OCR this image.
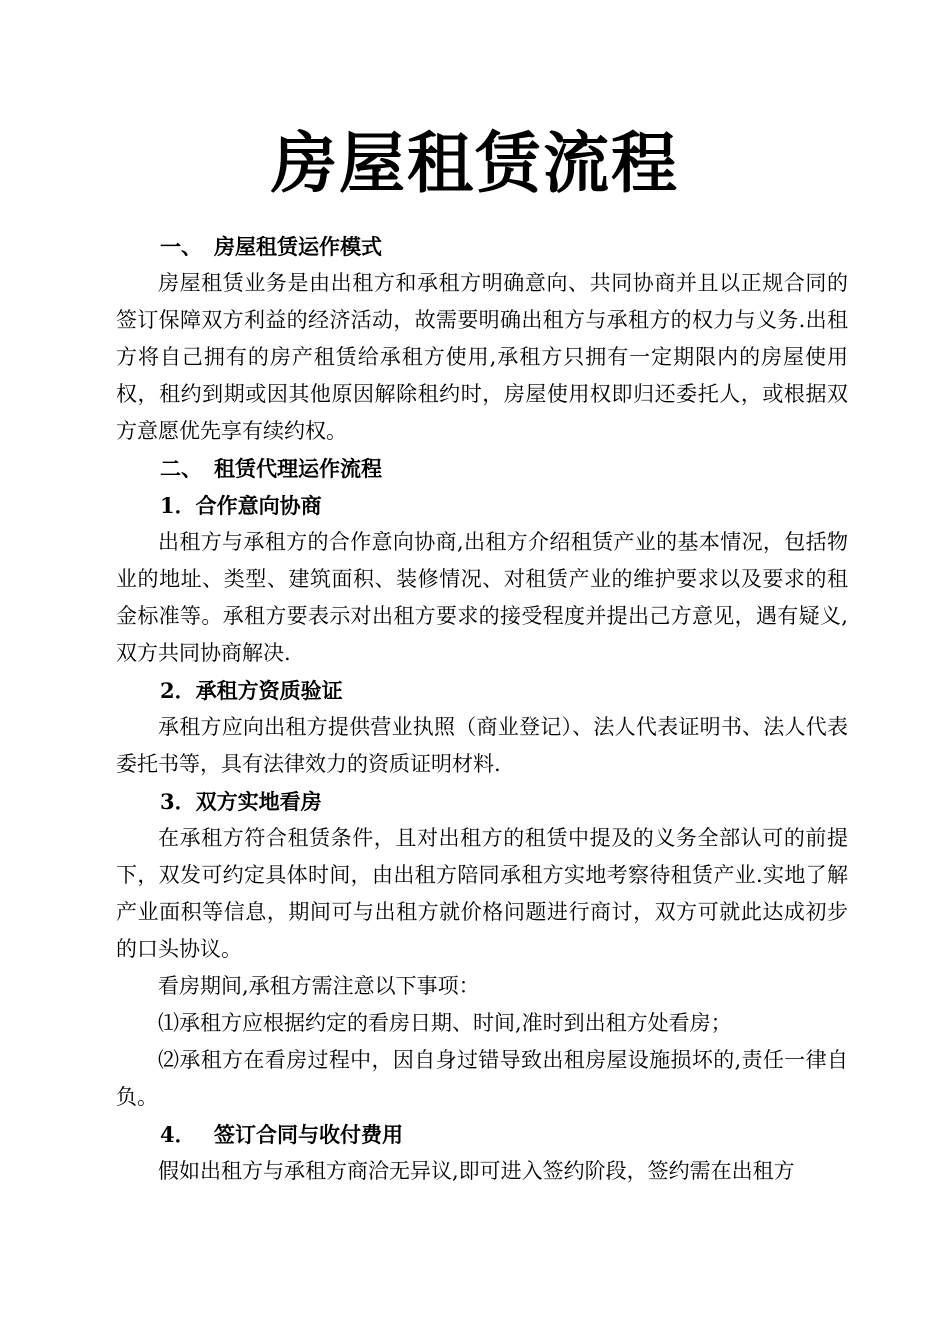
房屋租赁流程

一、 房屋租赁运作模式

房屋租赁业务是由出租方和承租方明确意向、共同协商并且以正规合同的签订保障双方利益的经济活动，故需要明确出租方与承租方的权力与义务.出租方将自己拥有的房产租赁给承租方使用,承租方只拥有一定期限内的房屋使用权，租约到期或因其他原因解除租约时，房屋使用权即归还委托人，或根据双方意愿优先享有续约权。

二、 租赁代理运作流程

1．合作意向协商

出租方与承租方的合作意向协商,出租方介绍租赁产业的基本情况，包括物业的地址、类型、建筑面积、装修情况、对租赁产业的维护要求以及要求的租金标准等。承租方要表示对出租方要求的接受程度并提出己方意见，遇有疑义,双方共同协商解决.

2．承租方资质验证

承租方应向出租方提供营业执照（商业登记）、法人代表证明书、法人代表委托书等，具有法律效力的资质证明材料.

3．双方实地看房

在承租方符合租赁条件，且对出租方的租赁中提及的义务全部认可的前提下，双发可约定具体时间，由出租方陪同承租方实地考察待租赁产业.实地了解产业面积等信息，期间可与出租方就价格问题进行商讨，双方可就此达成初步的口头协议。

看房期间,承租方需注意以下事项：

⑴承租方应根据约定的看房日期、时间,准时到出租方处看房；

⑵承租方在看房过程中，因自身过错导致出租房屋设施损坏的,责任一律自负。

4． 签订合同与收付费用

假如出租方与承租方商洽无异议,即可进入签约阶段，签约需在出租方
